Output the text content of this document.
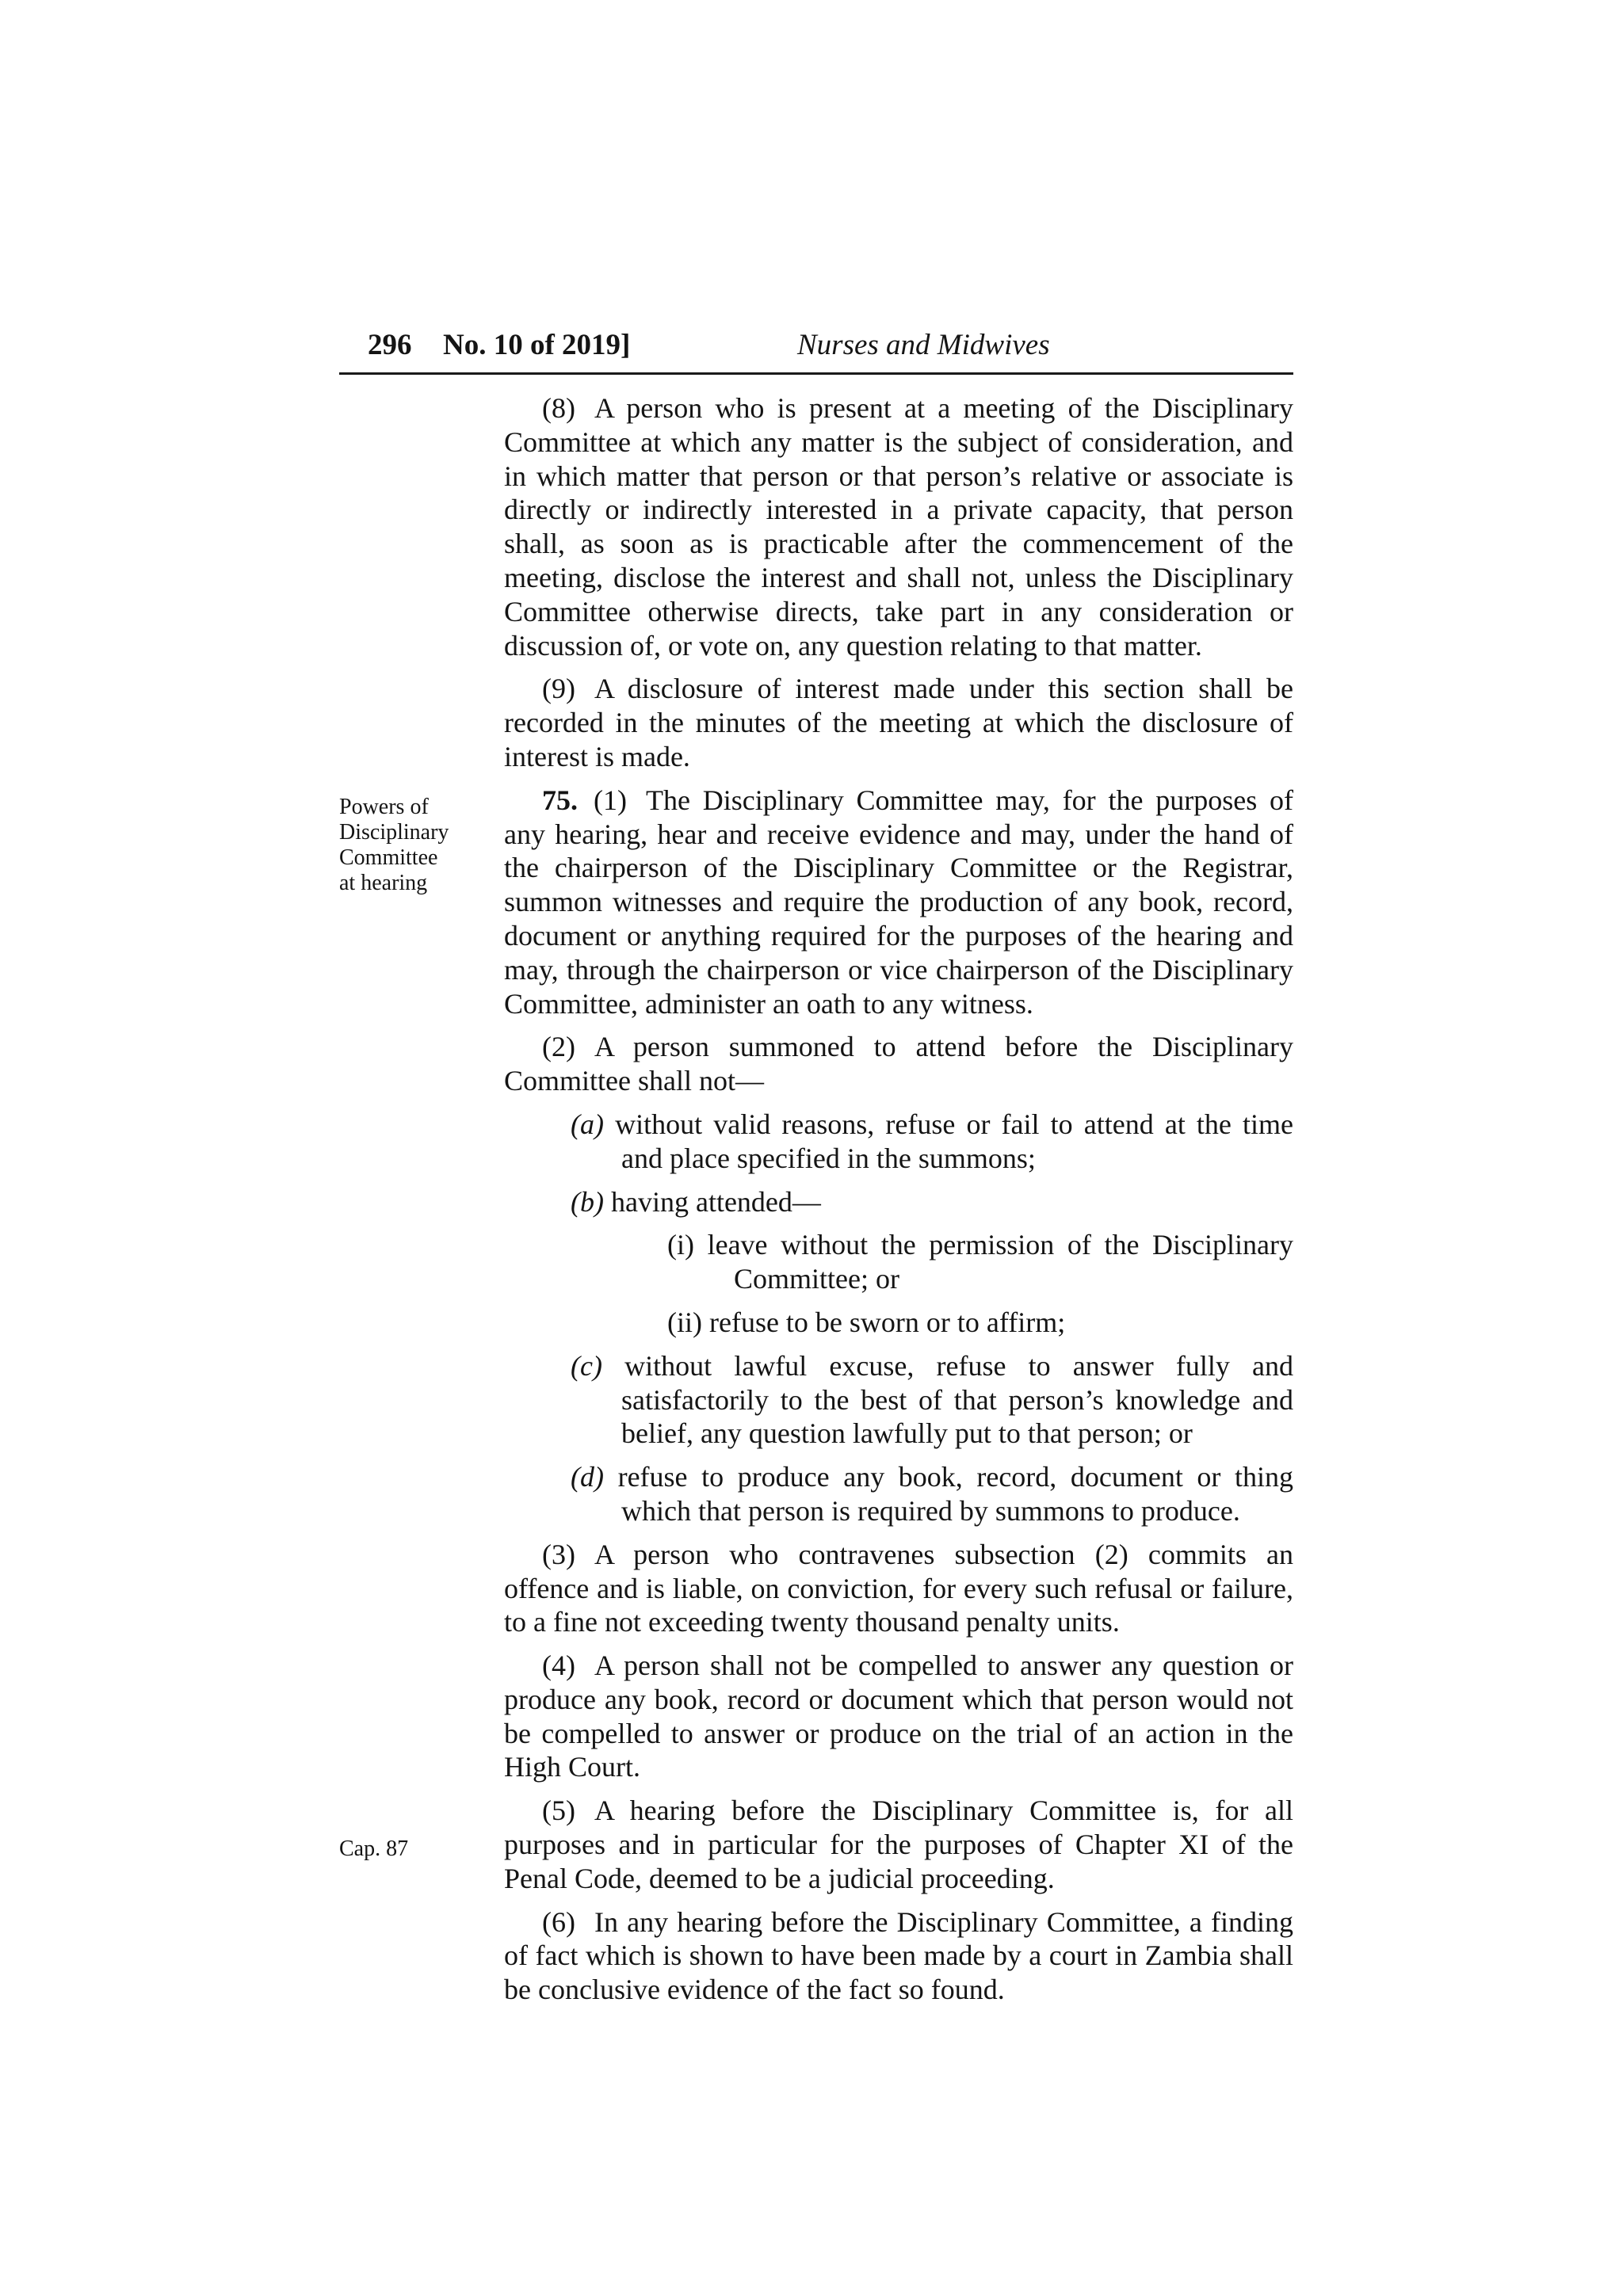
296 No. 10 of 2019]	Nurses and Midwives
Powers of
Disciplinary
Committee
at hearing
Cap. 87

(8) A person who is present at a meeting of the Disciplinary Committee at which any matter is the subject of consideration, and in which matter that person or that person’s relative or associate is directly or indirectly interested in a private capacity, that person shall, as soon as is practicable after the commencement of the meeting, disclose the interest and shall not, unless the Disciplinary Committee otherwise directs, take part in any consideration or discussion of, or vote on, any question relating to that matter.

(9) A disclosure of interest made under this section shall be recorded in the minutes of the meeting at which the disclosure of interest is made.

75. (1) The Disciplinary Committee may, for the purposes of any hearing, hear and receive evidence and may, under the hand of the chairperson of the Disciplinary Committee or the Registrar, summon witnesses and require the production of any book, record, document or anything required for the purposes of the hearing and may, through the chairperson or vice chairperson of the Disciplinary Committee, administer an oath to any witness.

(2) A person summoned to attend before the Disciplinary Committee shall not—

(a) without valid reasons, refuse or fail to attend at the time and place specified in the summons;

(b) having attended—

(i) leave without the permission of the Disciplinary Committee; or

(ii) refuse to be sworn or to affirm;

(c) without lawful excuse, refuse to answer fully and satisfactorily to the best of that person’s knowledge and belief, any question lawfully put to that person; or

(d) refuse to produce any book, record, document or thing which that person is required by summons to produce.

(3) A person who contravenes subsection (2) commits an offence and is liable, on conviction, for every such refusal or failure, to a fine not exceeding twenty thousand penalty units.

(4) A person shall not be compelled to answer any question or produce any book, record or document which that person would not be compelled to answer or produce on the trial of an action in the High Court.

(5) A hearing before the Disciplinary Committee is, for all purposes and in particular for the purposes of Chapter XI of the Penal Code, deemed to be a judicial proceeding.

(6) In any hearing before the Disciplinary Committee, a finding of fact which is shown to have been made by a court in Zambia shall be conclusive evidence of the fact so found.
